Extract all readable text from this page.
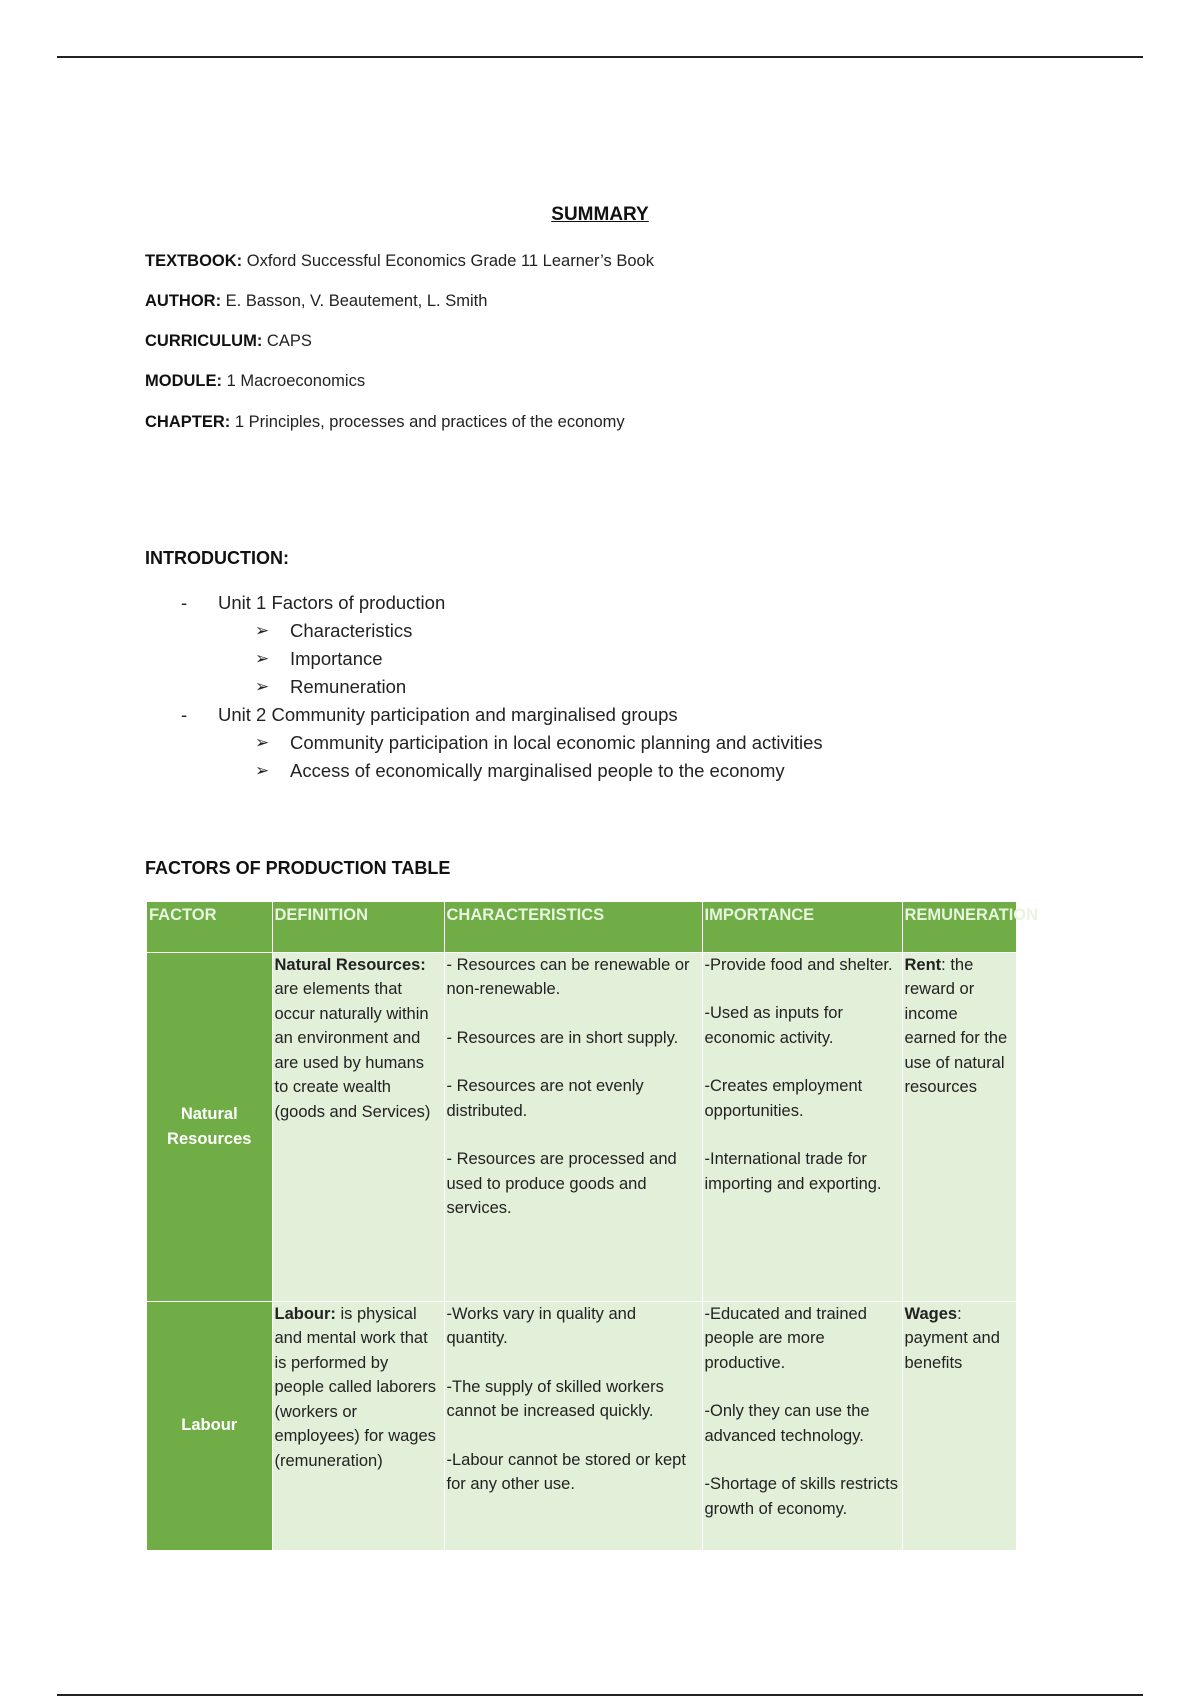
SUMMARY
TEXTBOOK: Oxford Successful Economics Grade 11 Learner’s Book
AUTHOR: E. Basson, V. Beautement, L. Smith
CURRICULUM: CAPS
MODULE: 1 Macroeconomics
CHAPTER: 1 Principles, processes and practices of the economy
INTRODUCTION:
- Unit 1 Factors of production
➢ Characteristics
➢ Importance
➢ Remuneration
- Unit 2 Community participation and marginalised groups
➢ Community participation in local economic planning and activities
➢ Access of economically marginalised people to the economy
FACTORS OF PRODUCTION TABLE
FACTOR	DEFINITION	CHARACTERISTICS	IMPORTANCE	REMUNERATION
Natural Resources	Natural Resources: are elements that occur naturally within an environment and are used by humans to create wealth (goods and Services)	- Resources can be renewable or non-renewable.
- Resources are in short supply.
- Resources are not evenly distributed.
- Resources are processed and used to produce goods and services.	-Provide food and shelter.
-Used as inputs for economic activity.
-Creates employment opportunities.
-International trade for importing and exporting.	Rent: the reward or income earned for the use of natural resources
Labour	Labour: is physical and mental work that is performed by people called laborers (workers or employees) for wages (remuneration)	-Works vary in quality and quantity.
-The supply of skilled workers cannot be increased quickly.
-Labour cannot be stored or kept for any other use.	-Educated and trained people are more productive.
-Only they can use the advanced technology.
-Shortage of skills restricts growth of economy.	Wages: payment and benefits
